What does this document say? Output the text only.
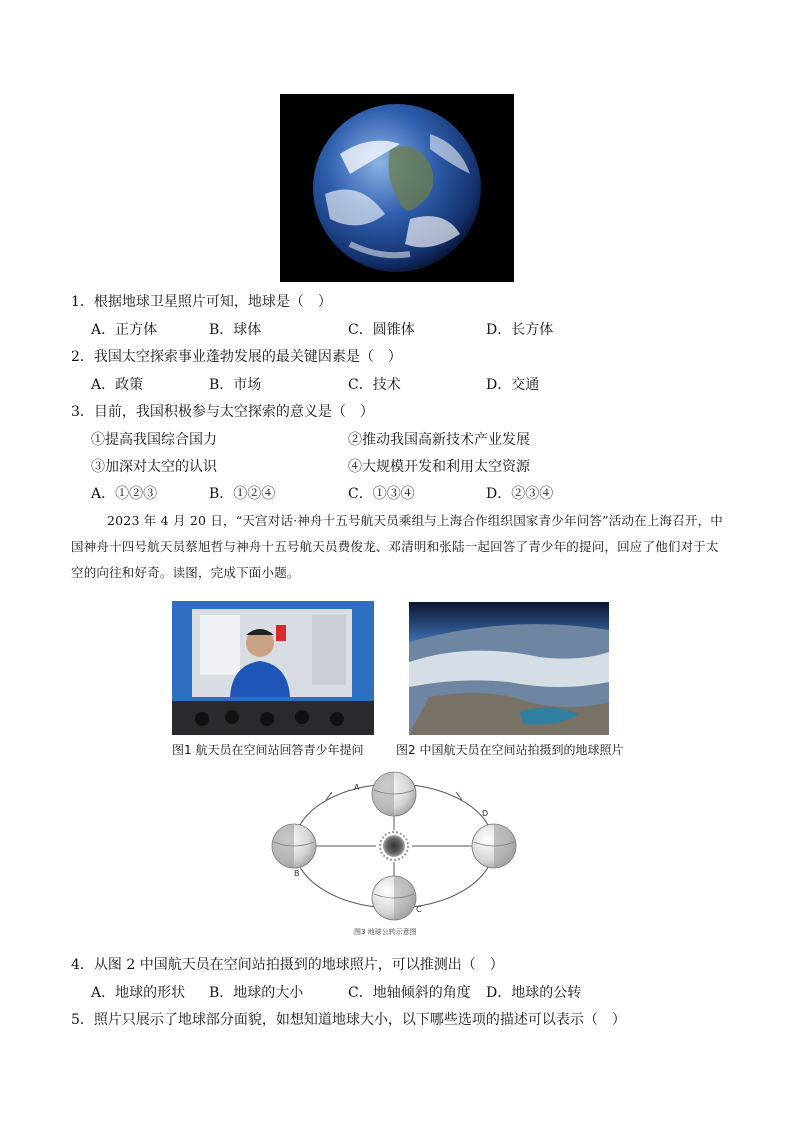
1．根据地球卫星照片可知，地球是（　）
A．正方体	B．球体	C．圆锥体	D．长方体
2．我国太空探索事业蓬勃发展的最关键因素是（　）
A．政策	B．市场	C．技术	D．交通
3．目前，我国积极参与太空探索的意义是（　）
①提高我国综合国力	②推动我国高新技术产业发展
③加深对太空的认识	④大规模开发和利用太空资源
A．①②③	B．①②④	C．①③④	D．②③④
2023 年 4 月 20 日，“天宫对话·神舟十五号航天员乘组与上海合作组织国家青少年问答”活动在上海召开，中国神舟十四号航天员蔡旭哲与神舟十五号航天员费俊龙、邓清明和张陆一起回答了青少年的提问，回应了他们对于太空的向往和好奇。读图，完成下面小题。
图1 航天员在空间站回答青少年提问	图2 中国航天员在空间站拍摄到的地球照片
A
B
C
D
图3 地球公转示意图
4．从图 2 中国航天员在空间站拍摄到的地球照片，可以推测出（　）
A．地球的形状 B．地球的大小	C．地轴倾斜的角度 D．地球的公转
5．照片只展示了地球部分面貌，如想知道地球大小，以下哪些选项的描述可以表示（　）
